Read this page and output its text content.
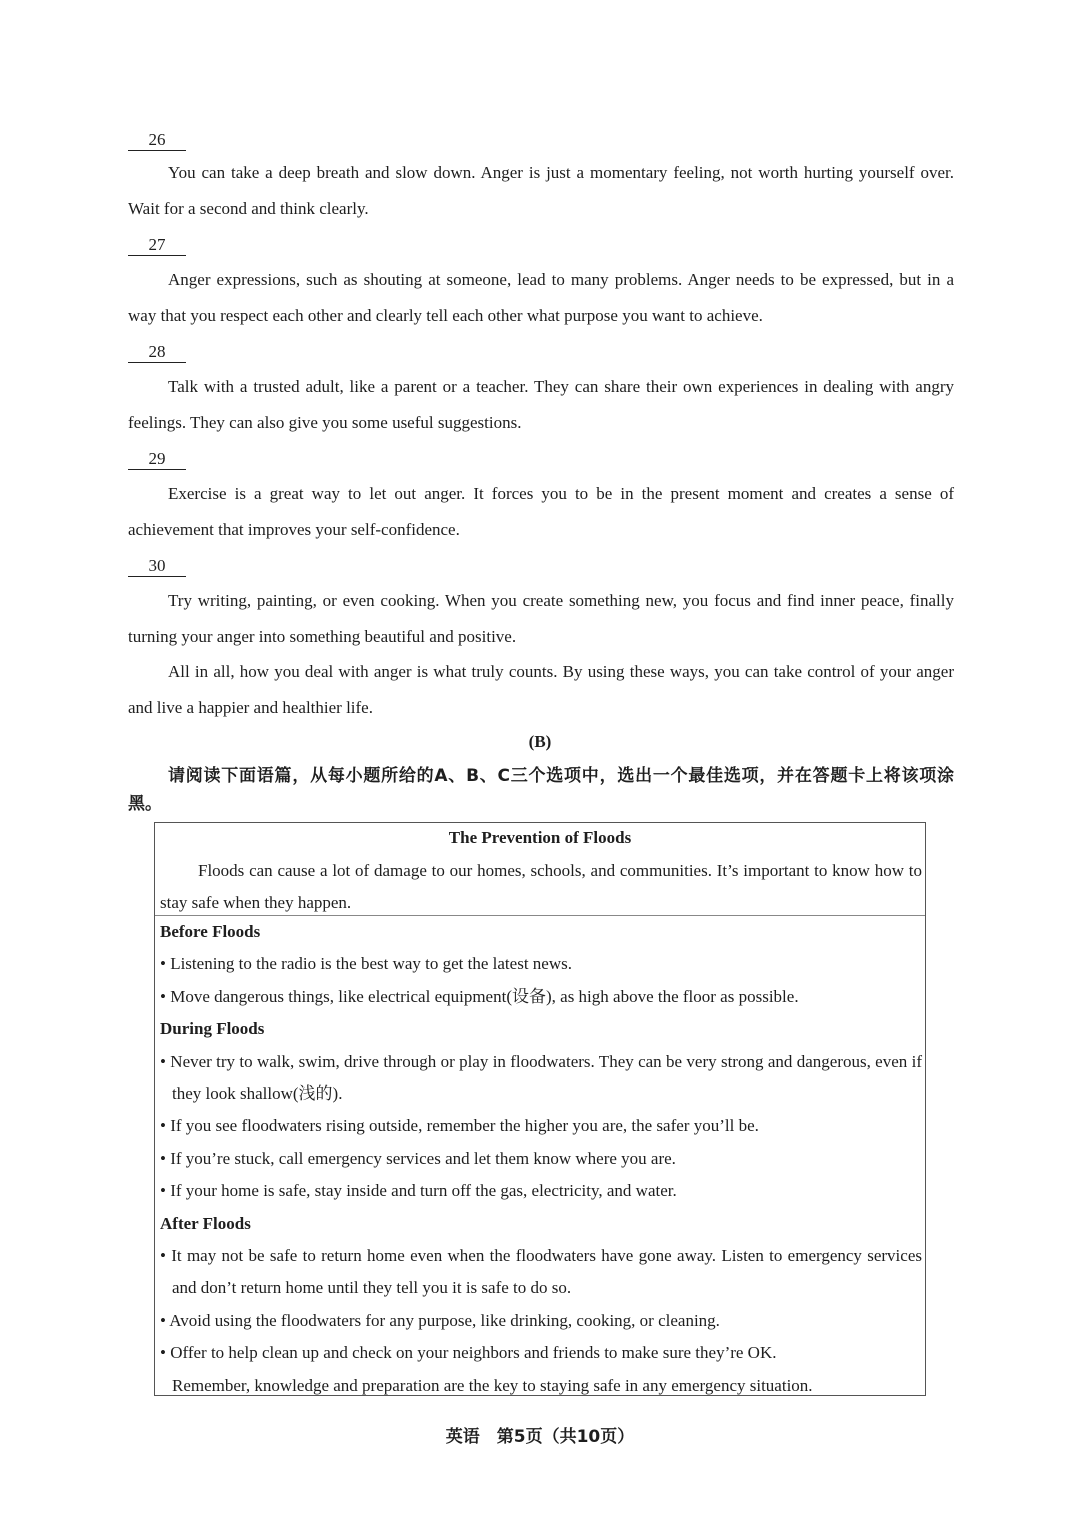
26

You can take a deep breath and slow down. Anger is just a momentary feeling, not worth hurting yourself over. Wait for a second and think clearly.

27

Anger expressions, such as shouting at someone, lead to many problems. Anger needs to be expressed, but in a way that you respect each other and clearly tell each other what purpose you want to achieve.

28

Talk with a trusted adult, like a parent or a teacher. They can share their own experiences in dealing with angry feelings. They can also give you some useful suggestions.

29

Exercise is a great way to let out anger. It forces you to be in the present moment and creates a sense of achievement that improves your self-confidence.

30

Try writing, painting, or even cooking. When you create something new, you focus and find inner peace, finally turning your anger into something beautiful and positive.

All in all, how you deal with anger is what truly counts. By using these ways, you can take control of your anger and live a happier and healthier life.

(B)

请阅读下面语篇，从每小题所给的A、B、C三个选项中，选出一个最佳选项，并在答题卡上将该项涂黑。

The Prevention of Floods

Floods can cause a lot of damage to our homes, schools, and communities. It’s important to know how to stay safe when they happen.

Before Floods

• Listening to the radio is the best way to get the latest news.

• Move dangerous things, like electrical equipment(设备), as high above the floor as possible.

During Floods

• Never try to walk, swim, drive through or play in floodwaters. They can be very strong and dangerous, even if they look shallow(浅的).

• If you see floodwaters rising outside, remember the higher you are, the safer you’ll be.

• If you’re stuck, call emergency services and let them know where you are.

• If your home is safe, stay inside and turn off the gas, electricity, and water.

After Floods

• It may not be safe to return home even when the floodwaters have gone away. Listen to emergency services and don’t return home until they tell you it is safe to do so.

• Avoid using the floodwaters for any purpose, like drinking, cooking, or cleaning.

• Offer to help clean up and check on your neighbors and friends to make sure they’re OK.

Remember, knowledge and preparation are the key to staying safe in any emergency situation.

英语　第5页（共10页）
